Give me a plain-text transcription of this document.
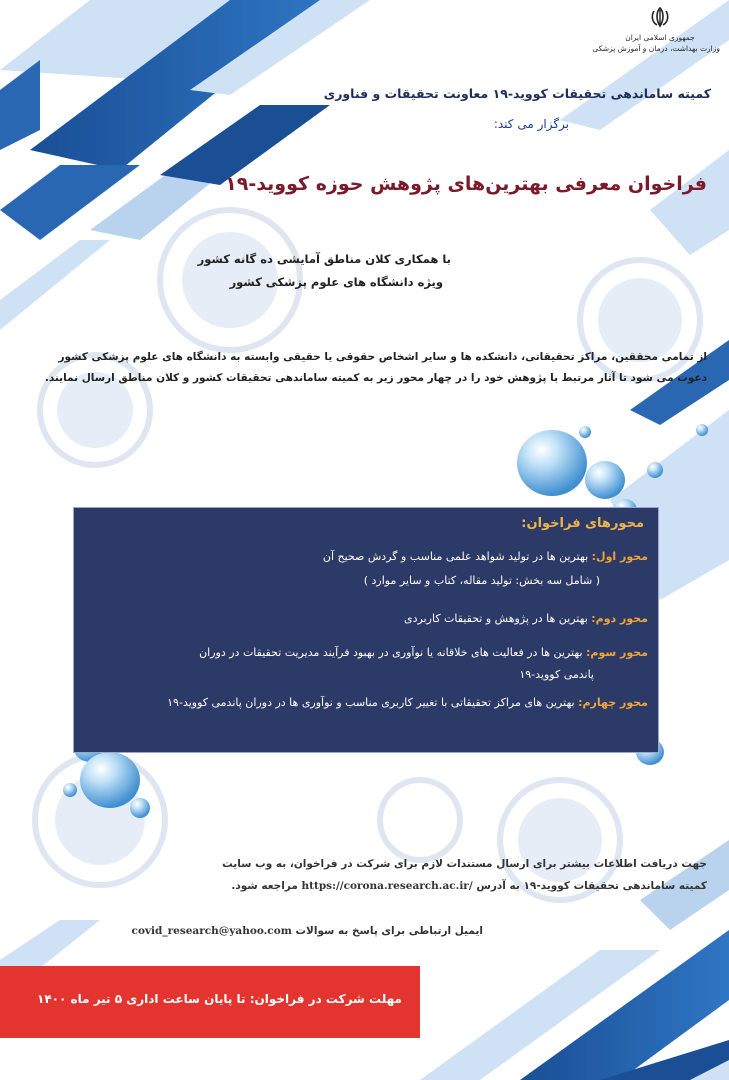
جمهوری اسلامی ایران
وزارت بهداشت، درمان و آموزش پزشکی
کمیته ساماندهی تحقیقات کووید-۱۹ معاونت تحقیقات و فناوری
برگزار می کند:
فراخوان معرفی بهترین‌های پژوهش حوزه کووید-۱۹
با همکاری کلان مناطق آمایشی ده گانه کشور
ویژه دانشگاه های علوم پزشکی کشور
از تمامی محققین، مراکز تحقیقاتی، دانشکده ها و سایر اشخاص حقوقی یا حقیقی وابسته به دانشگاه های علوم پزشکی کشور
دعوت می شود تا آثار مرتبط با پژوهش خود را در چهار محور زیر به کمیته ساماندهی تحقیقات کشور و کلان مناطق ارسال نمایند.
محورهای فراخوان:
محور اول: بهترین ها در تولید شواهد علمی مناسب و گردش صحیح آن
( شامل سه بخش: تولید مقاله، کتاب و سایر موارد )
محور دوم: بهترین ها در پژوهش و تحقیقات کاربردی
محور سوم: بهترین ها در فعالیت های خلاقانه یا نوآوری در بهبود فرآیند مدیریت تحقیقات در دوران
پاندمی کووید-۱۹
محور چهارم: بهترین های مراکز تحقیقاتی با تغییر کاربری مناسب و نوآوری ها در دوران پاندمی کووید-۱۹
جهت دریافت اطلاعات بیشتر برای ارسال مستندات لازم برای شرکت در فراخوان، به وب سایت
کمیته ساماندهی تحقیقات کووید-۱۹ به آدرس https://corona.research.ac.ir/ مراجعه شود.
ایمیل ارتباطی برای پاسخ به سوالات covid_research@yahoo.com
مهلت شرکت در فراخوان: تا پایان ساعت اداری ۵ تیر ماه ۱۴۰۰
